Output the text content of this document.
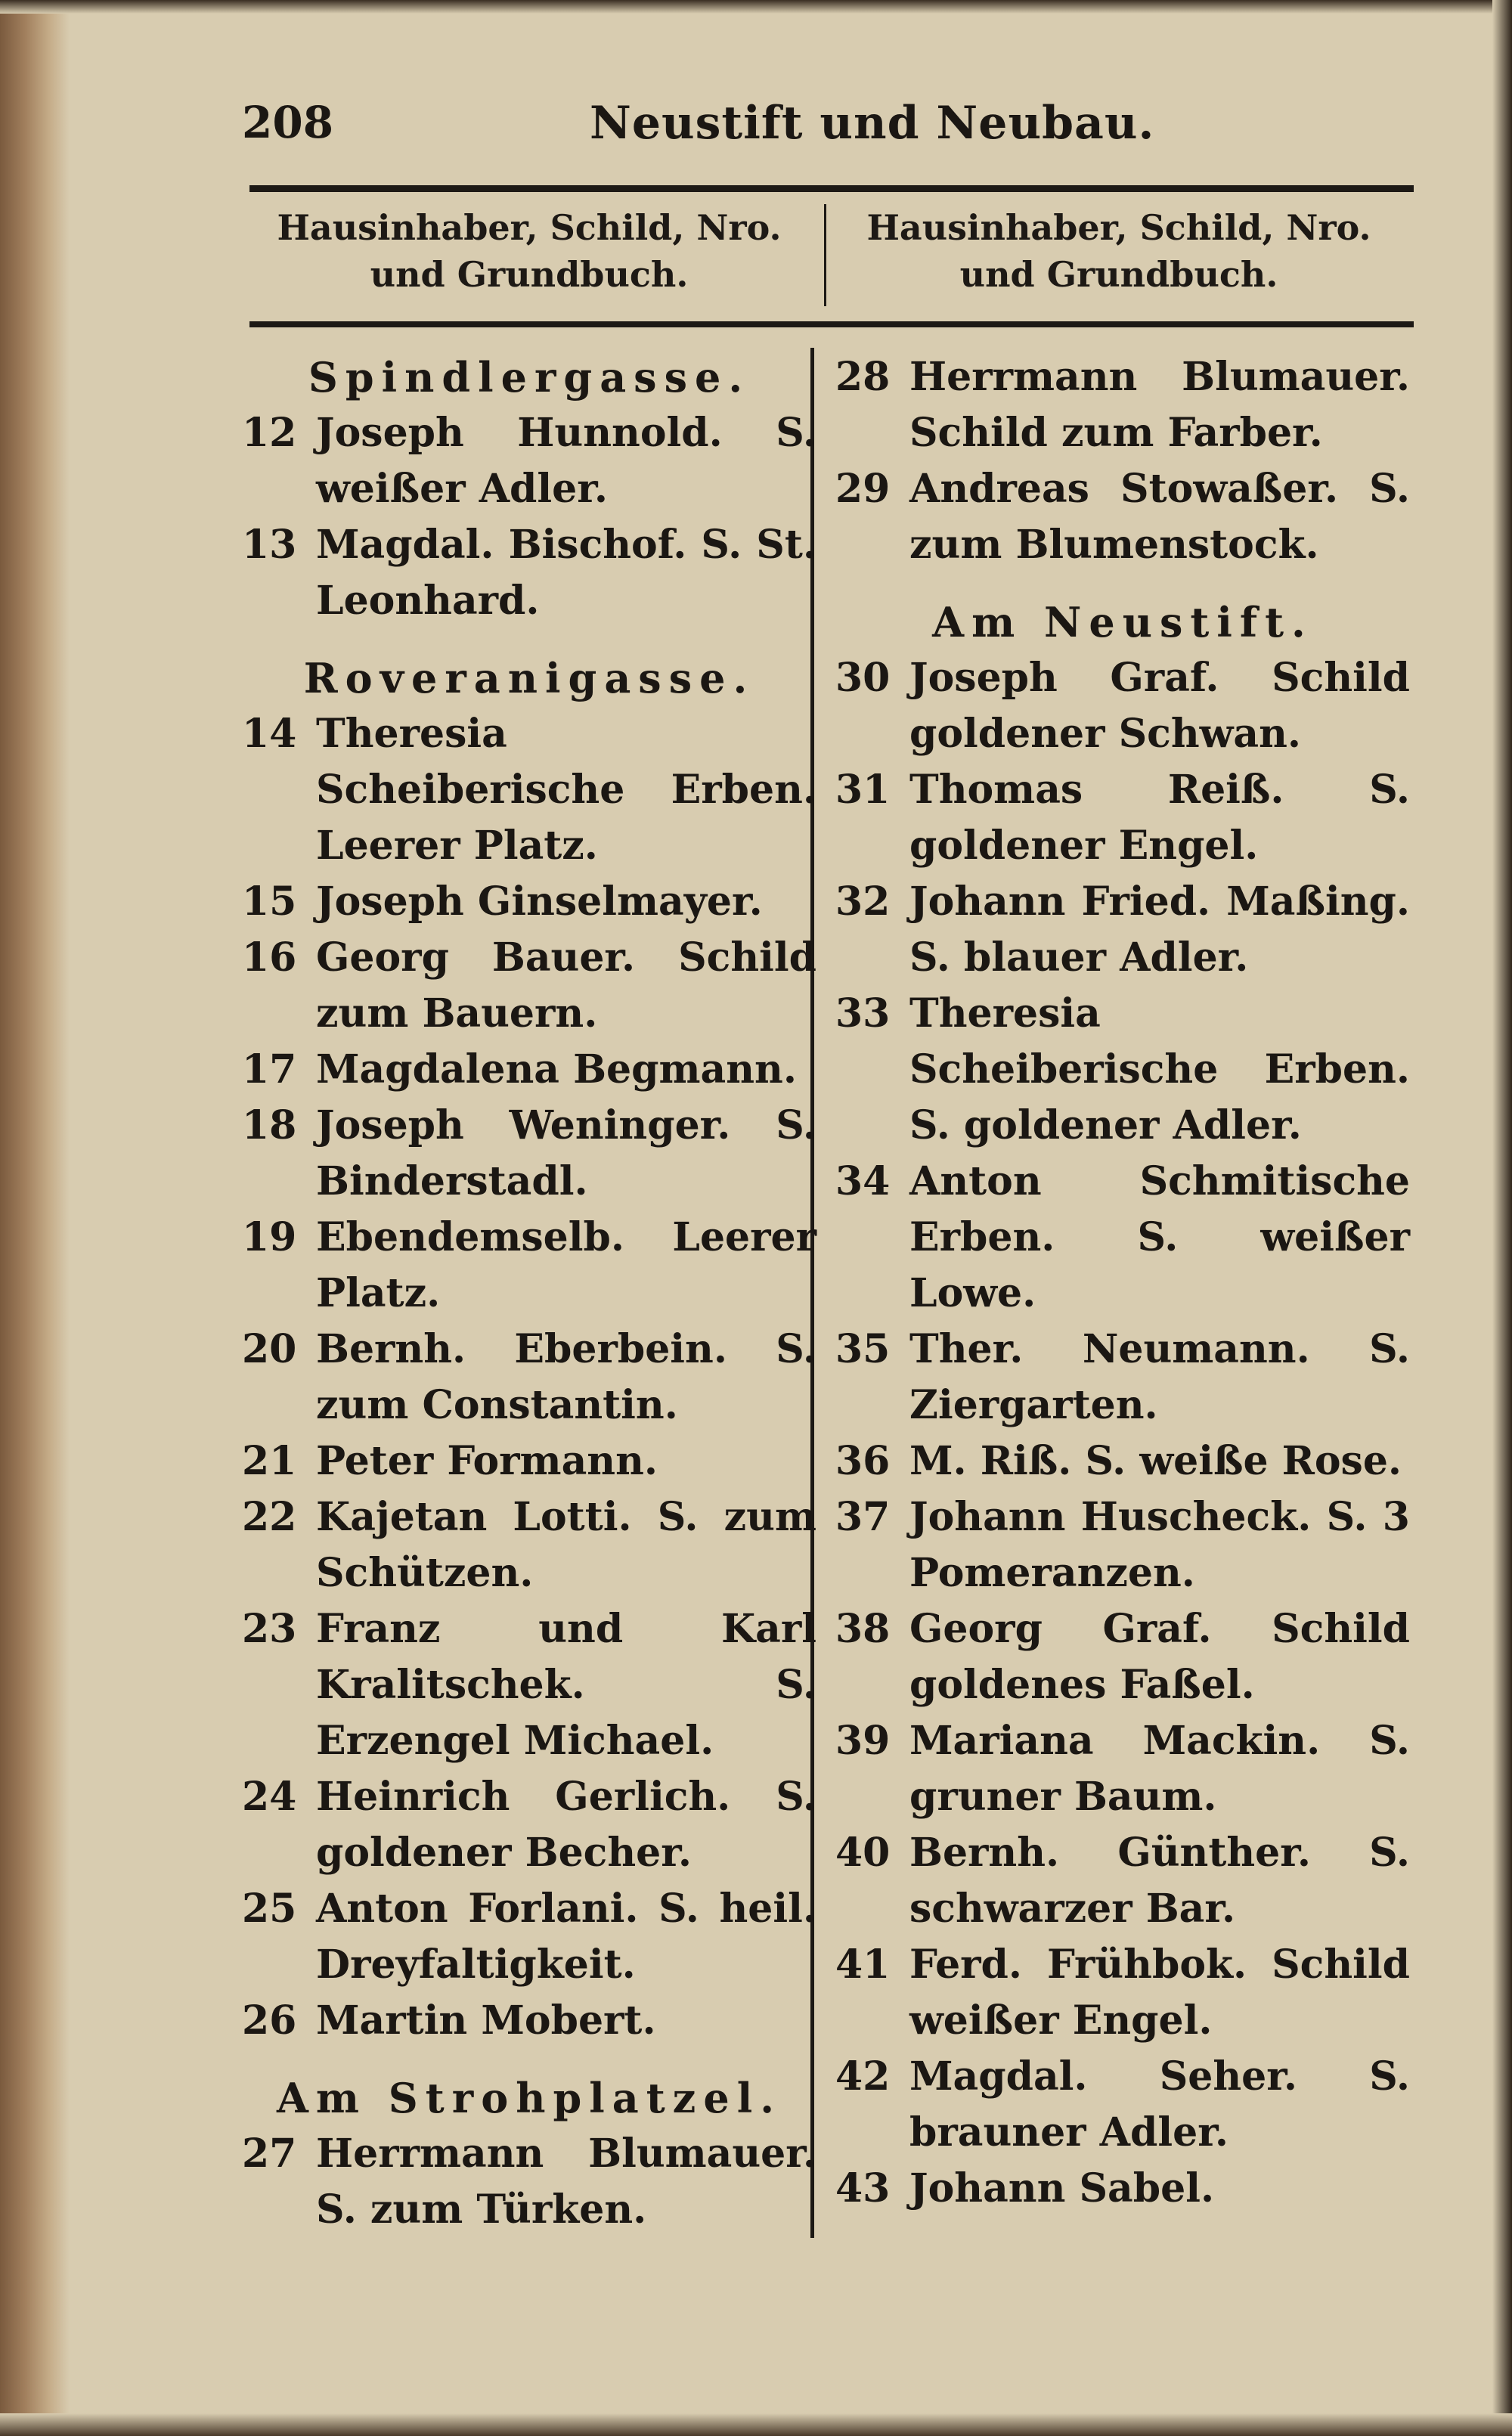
208	Neustift und Neubau.
Hausinhaber, Schild, Nro. und Grundbuch.
Hausinhaber, Schild, Nro. und Grundbuch.
Spindlergasse.
12 Joseph Hunnold. S. weißer Adler.
13 Magdal. Bischof. S. St. Leonhard.
Roveranigasse.
14 Theresia Scheiberische Erben. Leerer Platz.
15 Joseph Ginselmayer.
16 Georg Bauer. Schild zum Bauern.
17 Magdalena Begmann.
18 Joseph Weninger. S. Binderstadl.
19 Ebendemselb. Leerer Platz.
20 Bernh. Eberbein. S. zum Constantin.
21 Peter Formann.
22 Kajetan Lotti. S. zum Schützen.
23 Franz und Karl Kralitschek. S. Erzengel Michael.
24 Heinrich Gerlich. S. goldener Becher.
25 Anton Forlani. S. heil. Dreyfaltigkeit.
26 Martin Mobert.
Am Strohplatzel.
27 Herrmann Blumauer. S. zum Türken.
28 Herrmann Blumauer. Schild zum Farber.
29 Andreas Stowaßer. S. zum Blumenstock.
Am Neustift.
30 Joseph Graf. Schild goldener Schwan.
31 Thomas Reiß. S. goldener Engel.
32 Johann Fried. Maßing. S. blauer Adler.
33 Theresia Scheiberische Erben. S. goldener Adler.
34 Anton Schmitische Erben. S. weißer Lowe.
35 Ther. Neumann. S. Ziergarten.
36 M. Riß. S. weiße Rose.
37 Johann Huscheck. S. 3 Pomeranzen.
38 Georg Graf. Schild goldenes Faßel.
39 Mariana Mackin. S. gruner Baum.
40 Bernh. Günther. S. schwarzer Bar.
41 Ferd. Frühbok. Schild weißer Engel.
42 Magdal. Seher. S. brauner Adler.
43 Johann Sabel.
